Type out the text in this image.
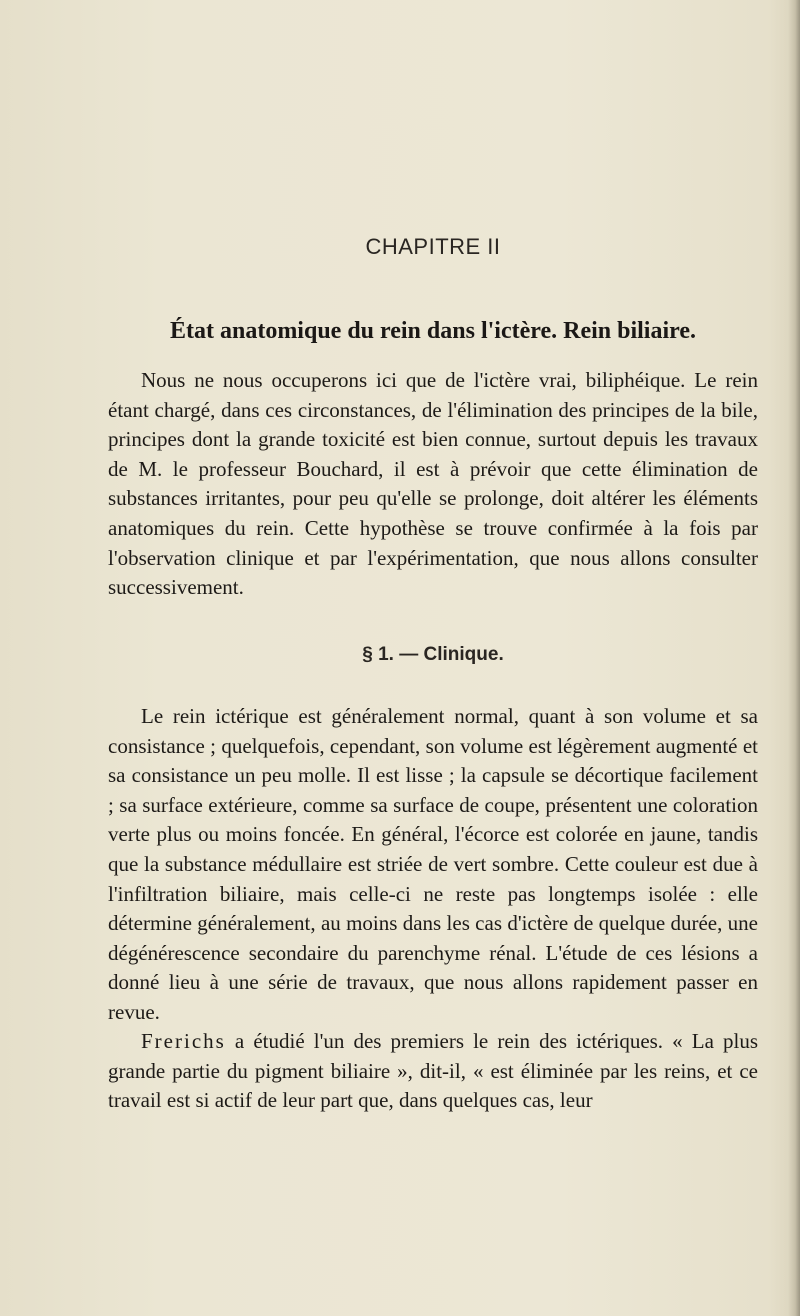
CHAPITRE II
État anatomique du rein dans l'ictère. Rein biliaire.

Nous ne nous occuperons ici que de l'ictère vrai, biliphéique. Le rein étant chargé, dans ces circonstances, de l'élimination des principes de la bile, principes dont la grande toxicité est bien connue, surtout depuis les travaux de M. le professeur Bouchard, il est à prévoir que cette élimination de substances irritantes, pour peu qu'elle se prolonge, doit altérer les éléments anatomiques du rein. Cette hypothèse se trouve confirmée à la fois par l'observation clinique et par l'expérimentation, que nous allons consulter successivement.

§ 1. — Clinique.

Le rein ictérique est généralement normal, quant à son volume et sa consistance ; quelquefois, cependant, son volume est légèrement augmenté et sa consistance un peu molle. Il est lisse ; la capsule se décortique facilement ; sa surface extérieure, comme sa surface de coupe, présentent une coloration verte plus ou moins foncée. En général, l'écorce est colorée en jaune, tandis que la substance médullaire est striée de vert sombre. Cette couleur est due à l'infiltration biliaire, mais celle-ci ne reste pas longtemps isolée : elle détermine généralement, au moins dans les cas d'ictère de quelque durée, une dégénérescence secondaire du parenchyme rénal. L'étude de ces lésions a donné lieu à une série de travaux, que nous allons rapidement passer en revue.

Frerichs a étudié l'un des premiers le rein des ictériques. « La plus grande partie du pigment biliaire », dit-il, « est éliminée par les reins, et ce travail est si actif de leur part que, dans quelques cas, leur
